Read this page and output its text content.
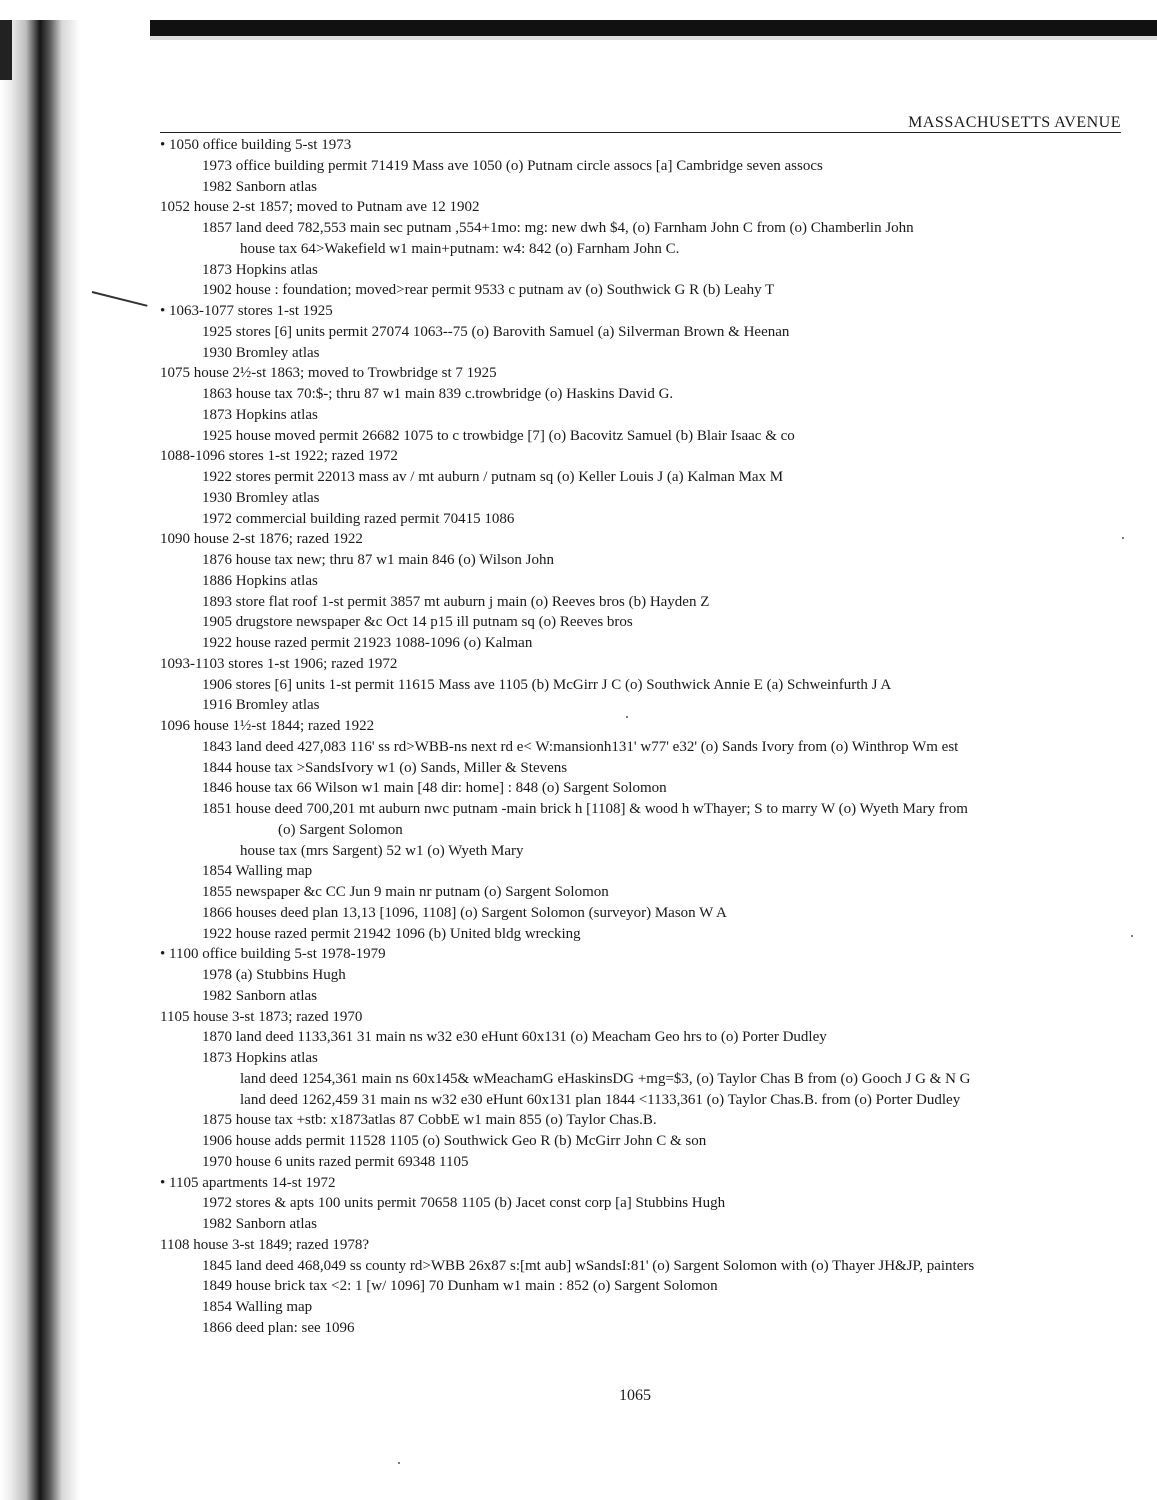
MASSACHUSETTS AVENUE
• 1050 office building 5-st 1973
1973 office building permit 71419 Mass ave 1050 (o) Putnam circle assocs [a] Cambridge seven assocs
1982 Sanborn atlas
1052 house 2-st 1857; moved to Putnam ave 12 1902
1857 land deed 782,553 main sec putnam ,554+1mo: mg: new dwh $4, (o) Farnham John C from (o) Chamberlin John
house tax 64>Wakefield w1 main+putnam: w4: 842 (o) Farnham John C.
1873 Hopkins atlas
1902 house : foundation; moved>rear permit 9533 c putnam av (o) Southwick G R (b) Leahy T
• 1063-1077 stores 1-st 1925
1925 stores [6] units permit 27074 1063--75 (o) Barovith Samuel (a) Silverman Brown & Heenan
1930 Bromley atlas
1075 house 2½-st 1863; moved to Trowbridge st 7 1925
1863 house tax 70:$-; thru 87 w1 main 839 c.trowbridge (o) Haskins David G.
1873 Hopkins atlas
1925 house moved permit 26682 1075 to c trowbidge [7] (o) Bacovitz Samuel (b) Blair Isaac & co
1088-1096 stores 1-st 1922; razed 1972
1922 stores permit 22013 mass av / mt auburn / putnam sq (o) Keller Louis J (a) Kalman Max M
1930 Bromley atlas
1972 commercial building razed permit 70415 1086
1090 house 2-st 1876; razed 1922
1876 house tax new; thru 87 w1 main 846 (o) Wilson John
1886 Hopkins atlas
1893 store flat roof 1-st permit 3857 mt auburn j main (o) Reeves bros (b) Hayden Z
1905 drugstore newspaper &c Oct 14 p15 ill putnam sq (o) Reeves bros
1922 house razed permit 21923 1088-1096 (o) Kalman
1093-1103 stores 1-st 1906; razed 1972
1906 stores [6] units 1-st permit 11615 Mass ave 1105 (b) McGirr J C (o) Southwick Annie E (a) Schweinfurth J A
1916 Bromley atlas
1096 house 1½-st 1844; razed 1922
1843 land deed 427,083 116' ss rd>WBB-ns next rd e< W:mansionh131' w77' e32' (o) Sands Ivory from (o) Winthrop Wm est
1844 house tax >SandsIvory w1 (o) Sands, Miller & Stevens
1846 house tax 66 Wilson w1 main [48 dir: home] : 848 (o) Sargent Solomon
1851 house deed 700,201 mt auburn nwc putnam -main brick h [1108] & wood h wThayer; S to marry W (o) Wyeth Mary from
(o) Sargent Solomon
house tax (mrs Sargent) 52 w1 (o) Wyeth Mary
1854 Walling map
1855 newspaper &c CC Jun 9 main nr putnam (o) Sargent Solomon
1866 houses deed plan 13,13 [1096, 1108] (o) Sargent Solomon (surveyor) Mason W A
1922 house razed permit 21942 1096 (b) United bldg wrecking
• 1100 office building 5-st 1978-1979
1978 (a) Stubbins Hugh
1982 Sanborn atlas
1105 house 3-st 1873; razed 1970
1870 land deed 1133,361 31 main ns w32 e30 eHunt 60x131 (o) Meacham Geo hrs to (o) Porter Dudley
1873 Hopkins atlas
land deed 1254,361 main ns 60x145& wMeachamG eHaskinsDG +mg=$3, (o) Taylor Chas B from (o) Gooch J G & N G
land deed 1262,459 31 main ns w32 e30 eHunt 60x131 plan 1844 <1133,361 (o) Taylor Chas.B. from (o) Porter Dudley
1875 house tax +stb: x1873atlas 87 CobbE w1 main 855 (o) Taylor Chas.B.
1906 house adds permit 11528 1105 (o) Southwick Geo R (b) McGirr John C & son
1970 house 6 units razed permit 69348 1105
• 1105 apartments 14-st 1972
1972 stores & apts 100 units permit 70658 1105 (b) Jacet const corp [a] Stubbins Hugh
1982 Sanborn atlas
1108 house 3-st 1849; razed 1978?
1845 land deed 468,049 ss county rd>WBB 26x87 s:[mt aub] wSandsI:81' (o) Sargent Solomon with (o) Thayer JH&JP, painters
1849 house brick tax <2: 1 [w/ 1096] 70 Dunham w1 main : 852 (o) Sargent Solomon
1854 Walling map
1866 deed plan: see 1096
1065
